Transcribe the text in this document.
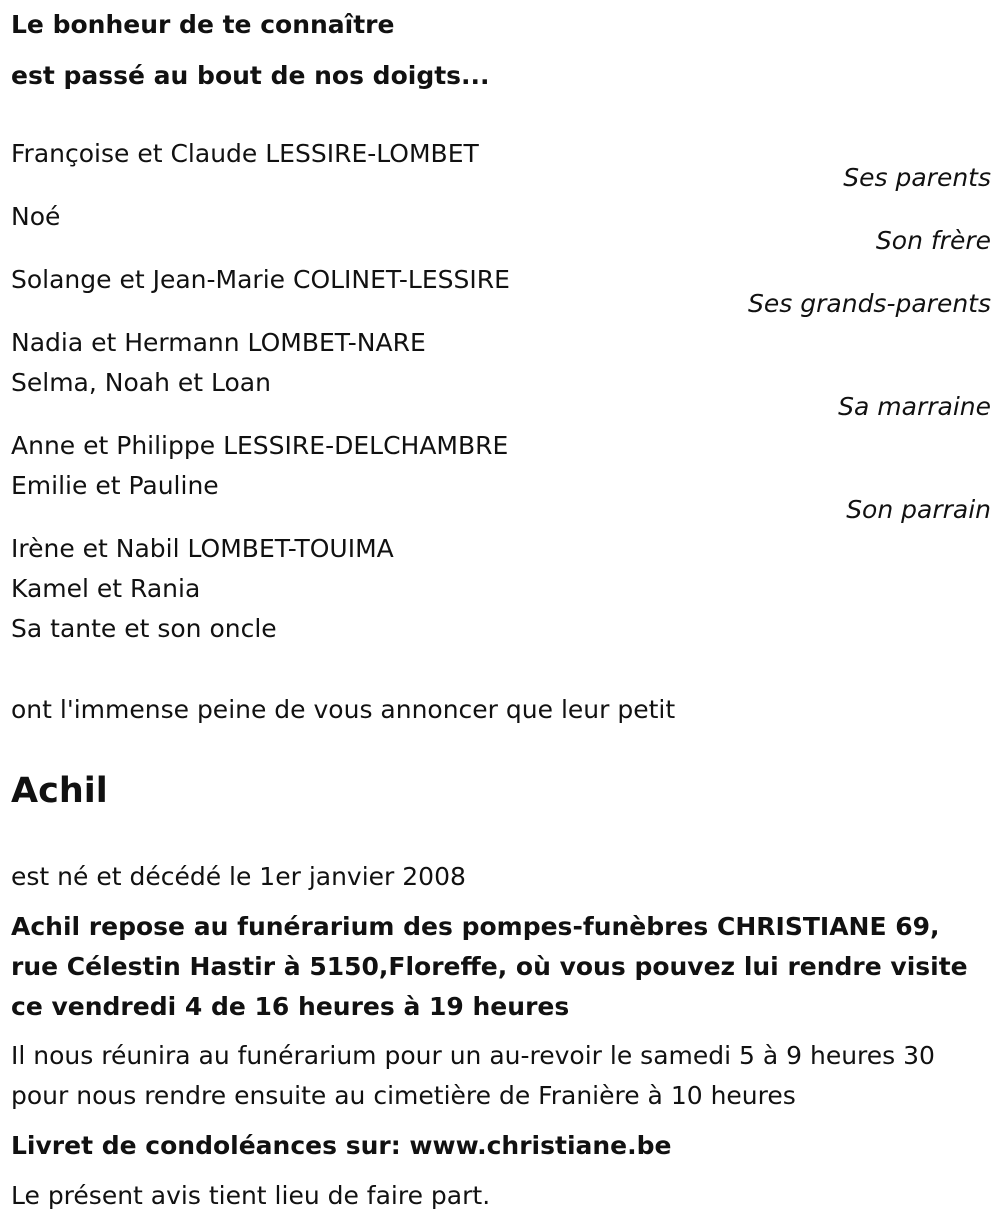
Le bonheur de te connaître
est passé au bout de nos doigts...
Françoise et Claude LESSIRE-LOMBET
Ses parents
Noé
Son frère
Solange et Jean-Marie COLINET-LESSIRE
Ses grands-parents
Nadia et Hermann LOMBET-NARE
Selma, Noah et Loan
Sa marraine
Anne et Philippe LESSIRE-DELCHAMBRE
Emilie et Pauline
Son parrain
Irène et Nabil LOMBET-TOUIMA
Kamel et Rania
Sa tante et son oncle
ont l'immense peine de vous annoncer que leur petit
Achil
est né et décédé le 1er janvier 2008
Achil repose au funérarium des pompes-funèbres CHRISTIANE 69, rue Célestin Hastir à 5150,Floreffe, où vous pouvez lui rendre visite ce vendredi 4 de 16 heures à 19 heures
Il nous réunira au funérarium pour un au-revoir le samedi 5 à 9 heures 30 pour nous rendre ensuite au cimetière de Franière à 10 heures
Livret de condoléances sur: www.christiane.be
Le présent avis tient lieu de faire part.
